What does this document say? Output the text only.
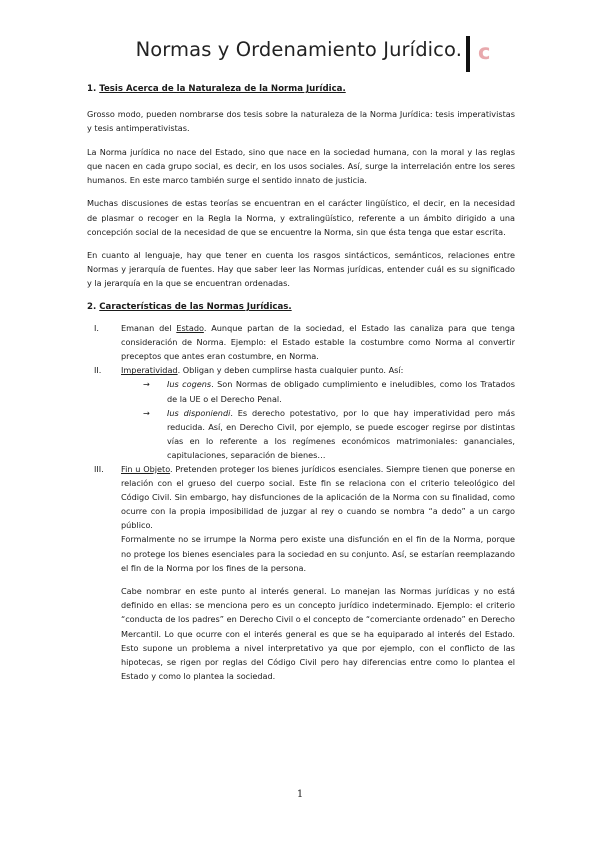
Normas y Ordenamiento Jurídico. c
1. Tesis Acerca de la Naturaleza de la Norma Jurídica.

Grosso modo, pueden nombrarse dos tesis sobre la naturaleza de la Norma Jurídica: tesis imperativistas y tesis antimperativistas.

La Norma jurídica no nace del Estado, sino que nace en la sociedad humana, con la moral y las reglas que nacen en cada grupo social, es decir, en los usos sociales. Así, surge la interrelación entre los seres humanos. En este marco también surge el sentido innato de justicia.

Muchas discusiones de estas teorías se encuentran en el carácter lingüístico, el decir, en la necesidad de plasmar o recoger en la Regla la Norma, y extralingüístico, referente a un ámbito dirigido a una concepción social de la necesidad de que se encuentre la Norma, sin que ésta tenga que estar escrita.

En cuanto al lenguaje, hay que tener en cuenta los rasgos sintácticos, semánticos, relaciones entre Normas y jerarquía de fuentes. Hay que saber leer las Normas jurídicas, entender cuál es su significado y la jerarquía en la que se encuentran ordenadas.

2. Características de las Normas Jurídicas.
I.	Emanan del Estado. Aunque partan de la sociedad, el Estado las canaliza para que tenga consideración de Norma. Ejemplo: el Estado estable la costumbre como Norma al convertir preceptos que antes eran costumbre, en Norma.
II. Imperatividad. Obligan y deben cumplirse hasta cualquier punto. Así:
→ Ius cogens. Son Normas de obligado cumplimiento e ineludibles, como los Tratados de la UE o el Derecho Penal.
→ Ius disponiendi. Es derecho potestativo, por lo que hay imperatividad pero más reducida. Así, en Derecho Civil, por ejemplo, se puede escoger regirse por distintas vías en lo referente a los regímenes económicos matrimoniales: gananciales, capitulaciones, separación de bienes…
III. Fin u Objeto. Pretenden proteger los bienes jurídicos esenciales. Siempre tienen que ponerse en relación con el grueso del cuerpo social. Este fin se relaciona con el criterio teleológico del Código Civil. Sin embargo, hay disfunciones de la aplicación de la Norma con su finalidad, como ocurre con la propia imposibilidad de juzgar al rey o cuando se nombra “a dedo” a un cargo público.

Formalmente no se irrumpe la Norma pero existe una disfunción en el fin de la Norma, porque no protege los bienes esenciales para la sociedad en su conjunto. Así, se estarían reemplazando el fin de la Norma por los fines de la persona.

Cabe nombrar en este punto al interés general. Lo manejan las Normas jurídicas y no está definido en ellas: se menciona pero es un concepto jurídico indeterminado. Ejemplo: el criterio “conducta de los padres” en Derecho Civil o el concepto de “comerciante ordenado” en Derecho Mercantil. Lo que ocurre con el interés general es que se ha equiparado al interés del Estado. Esto supone un problema a nivel interpretativo ya que por ejemplo, con el conflicto de las hipotecas, se rigen por reglas del Código Civil pero hay diferencias entre como lo plantea el Estado y como lo plantea la sociedad.

1
